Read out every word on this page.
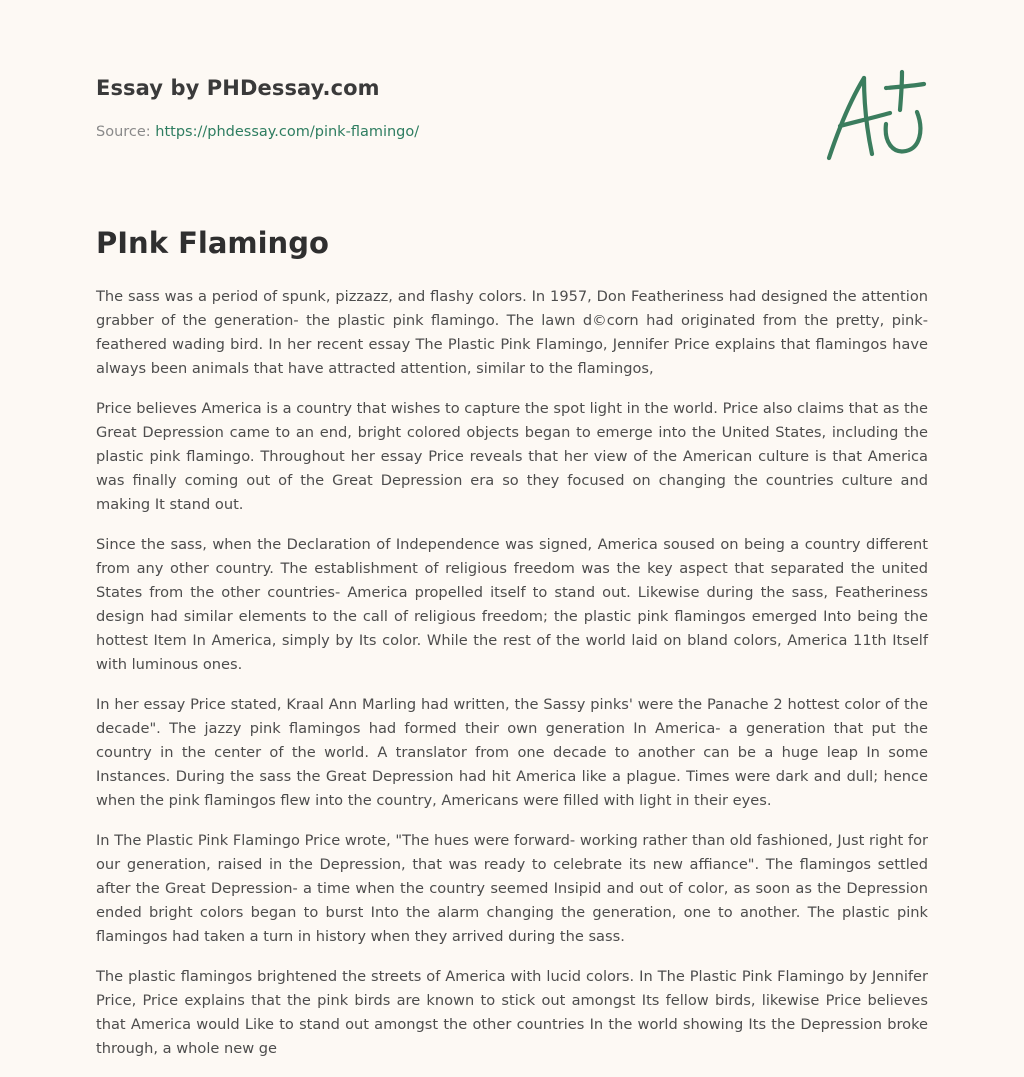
Essay by PHDessay.com
Source: https://phdessay.com/pink-flamingo/
PInk Flamingo

The sass was a period of spunk, pizzazz, and flashy colors. In 1957, Don Featheriness had designed the attention grabber of the generation- the plastic pink flamingo. The lawn d©corn had originated from the pretty, pink-feathered wading bird. In her recent essay The Plastic Pink Flamingo, Jennifer Price explains that flamingos have always been animals that have attracted attention, similar to the flamingos,

Price believes America is a country that wishes to capture the spot light in the world. Price also claims that as the Great Depression came to an end, bright colored objects began to emerge into the United States, including the plastic pink flamingo. Throughout her essay Price reveals that her view of the American culture is that America was finally coming out of the Great Depression era so they focused on changing the countries culture and making It stand out.

Since the sass, when the Declaration of Independence was signed, America soused on being a country different from any other country. The establishment of religious freedom was the key aspect that separated the united States from the other countries- America propelled itself to stand out. Likewise during the sass, Featheriness design had similar elements to the call of religious freedom; the plastic pink flamingos emerged Into being the hottest Item In America, simply by Its color. While the rest of the world laid on bland colors, America 11th Itself with luminous ones.

In her essay Price stated, Kraal Ann Marling had written, the Sassy pinks' were the Panache 2 hottest color of the decade". The jazzy pink flamingos had formed their own generation In America- a generation that put the country in the center of the world. A translator from one decade to another can be a huge leap In some Instances. During the sass the Great Depression had hit America like a plague. Times were dark and dull; hence when the pink flamingos flew into the country, Americans were filled with light in their eyes.

In The Plastic Pink Flamingo Price wrote, "The hues were forward- working rather than old fashioned, Just right for our generation, raised in the Depression, that was ready to celebrate its new affiance". The flamingos settled after the Great Depression- a time when the country seemed Insipid and out of color, as soon as the Depression ended bright colors began to burst Into the alarm changing the generation, one to another. The plastic pink flamingos had taken a turn in history when they arrived during the sass.

The plastic flamingos brightened the streets of America with lucid colors. In The Plastic Pink Flamingo by Jennifer Price, Price explains that the pink birds are known to stick out amongst Its fellow birds, likewise Price believes that America would Like to stand out amongst the other countries In the world showing Its the Depression broke through, a whole new ge
